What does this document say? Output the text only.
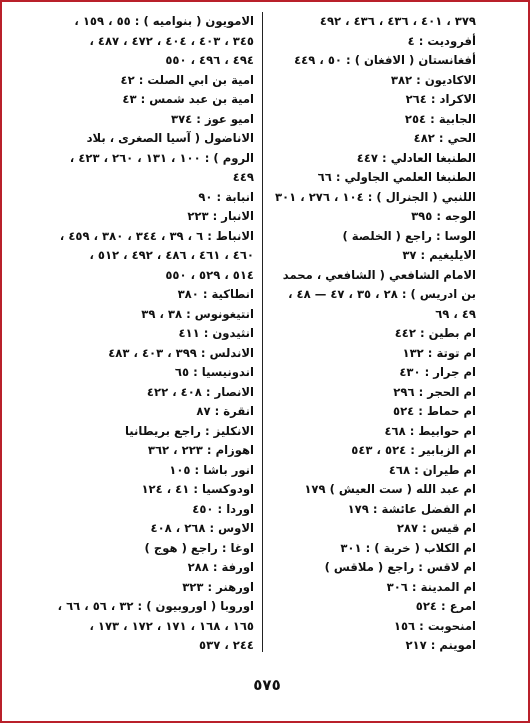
٣٧٩ ، ٤٠١ ، ٤٣٦ ، ٤٣٦ ، ٤٩٢
أفروديت : ٤
أفغانستان ( الافغان ) : ٥٠ ، ٤٤٩
الاكاديون : ٣٨٢
الاكراد : ٢٦٤
الجابية : ٢٥٤
الحي : ٤٨٢
الطنبغا العادلي : ٤٤٧
الطنبغا العلمي الجاولي : ٦٦
اللنبي ( الجنرال ) : ١٠٤ ، ٢٧٦ ، ٣٠١
الوجه : ٣٩٥
الوسا : راجع ( الخلصة )
الايليغيم : ٣٧
الامام الشافعي ( الشافعي ، محمد
بن ادريس ) : ٢٨ ، ٣٥ ، ٤٧ — ٤٨ ،
٤٩ ، ٦٩
ام بطين : ٤٤٢
ام توتة : ١٣٢
ام جرار : ٤٣٠
ام الحجر : ٢٩٦
ام حماط : ٥٢٤
ام حوابيط : ٤٦٨
ام الزبابير : ٥٢٤ ، ٥٤٣
ام طيران : ٤٦٨
ام عبد الله ( ست العيش ) ١٧٩
ام الفضل عائشة : ١٧٩
ام قيس : ٢٨٧
ام الكلاب ( خربة ) : ٣٠١
ام لاقس : راجع ( ملاقس )
ام المدينة : ٣٠٦
امرع : ٥٢٤
امنحوبت : ١٥٦
اموينم : ٢١٧
الامويون ( بنواميه ) : ٥٥ ، ١٥٩ ،
٣٤٥ ، ٤٠٣ ، ٤٠٤ ، ٤٧٢ ، ٤٨٧ ،
٤٩٤ ، ٤٩٦ ، ٥٥٠
امية بن ابي الصلت : ٤٢
امية بن عبد شمس : ٤٣
اميو عوز : ٣٧٤
الاناضول ( آسيا الصغرى ، بلاد
الروم ) : ١٠٠ ، ١٣١ ، ٢٦٠ ، ٤٢٣ ،
٤٤٩
انبابة : ٩٠
الانبار : ٢٢٣
الانباط : ٦ ، ٣٩ ، ٣٤٤ ، ٣٨٠ ، ٤٥٩ ،
٤٦٠ ، ٤٦١ ، ٤٨٦ ، ٤٩٢ ، ٥١٢ ،
٥١٤ ، ٥٢٩ ، ٥٥٠
انطاكية : ٣٨٠
انتيغونوس : ٣٨ ، ٣٩
انثيدون : ٤١١
الاندلس : ٣٩٩ ، ٤٠٣ ، ٤٨٣
اندونيسيا : ٦٥
الانصار : ٤٠٨ ، ٤٢٢
انقرة : ٨٧
الانكليز : راجع بريطانيا
اهوزام : ٢٢٣ ، ٣٦٢
انور باشا : ١٠٥
اودوكسيا : ٤١ ، ١٢٤
اوردا : ٤٥٠
الاوس : ٢٦٨ ، ٤٠٨
اوغا : راجع ( هوج )
اورفة : ٢٨٨
اورهنر : ٣٢٣
اوروبا ( اوروبيون ) : ٣٢ ، ٥٦ ، ٦٦ ،
١٦٥ ، ١٦٨ ، ١٧١ ، ١٧٢ ، ١٧٣ ،
٢٤٤ ، ٥٣٧
٥٧٥
